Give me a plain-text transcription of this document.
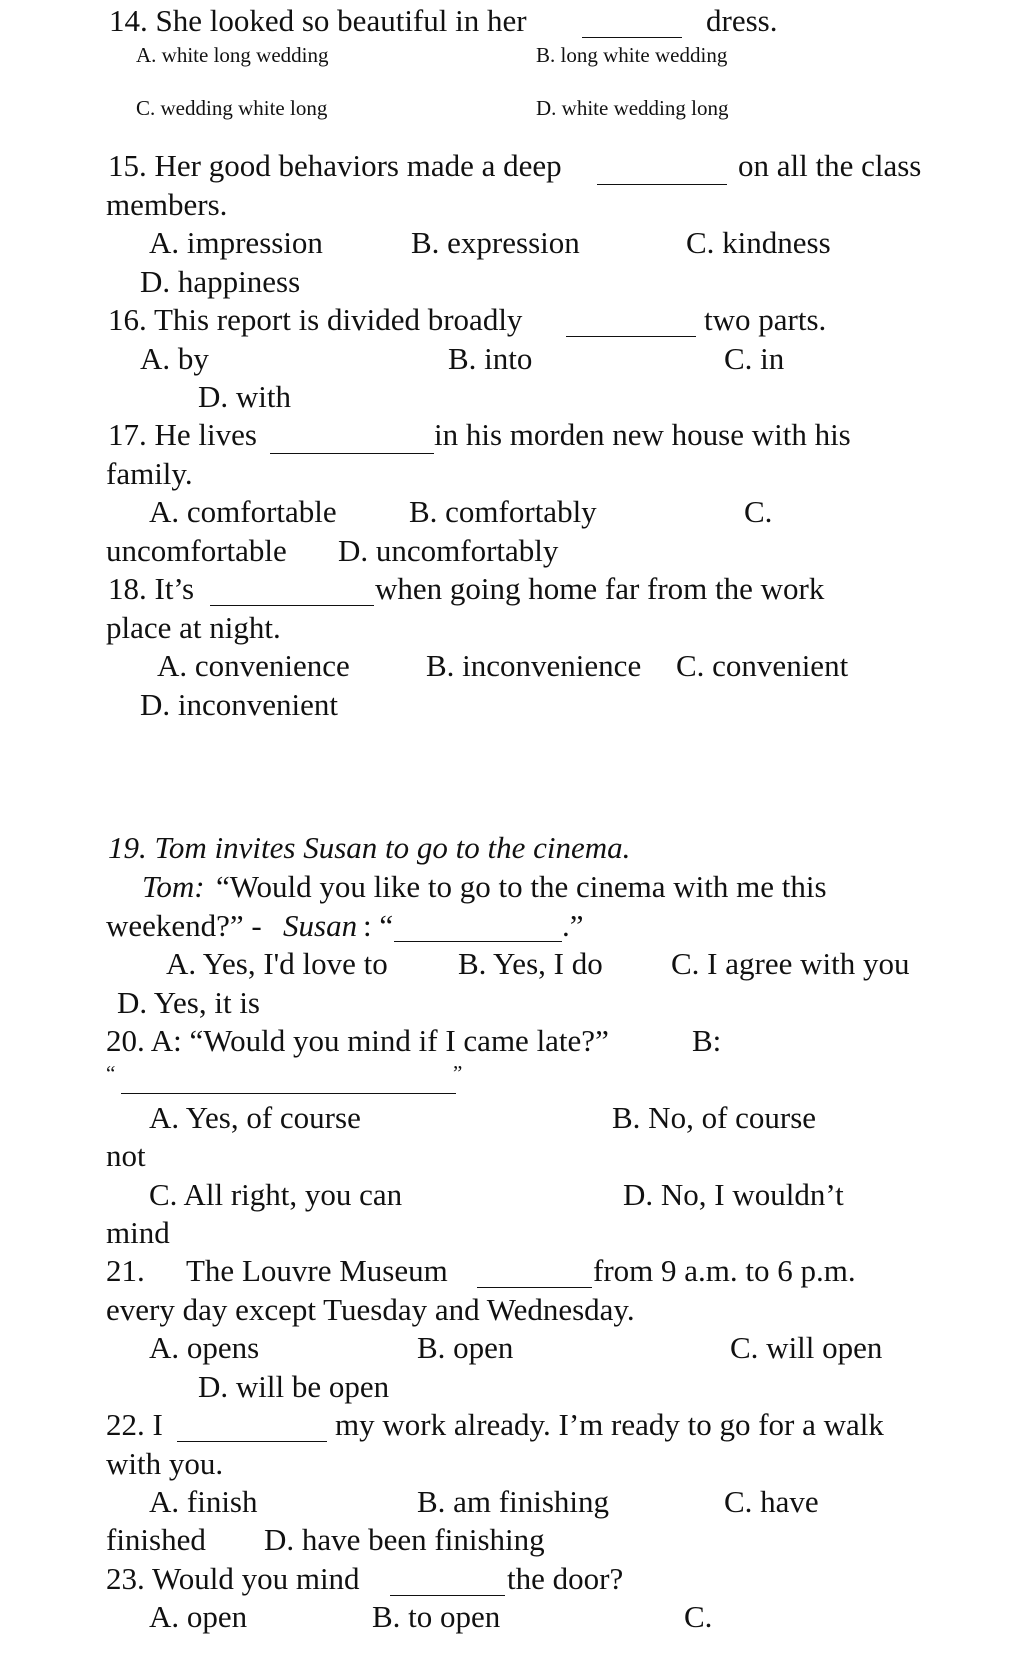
14. She looked so beautiful in her	dress.
A. white long wedding	B. long white wedding
C. wedding white long	D. white wedding long
15. Her good behaviors made a deep	on all the class
members.
A. impression	B. expression	C. kindness
D. happiness
16. This report is divided broadly	two parts.
A. by	B. into	C. in
D. with
17. He lives	in his morden new house with his
family.
A. comfortable B. comfortably	C.
uncomfortable D. uncomfortably
18. It’s	when going home far from the work
place at night.
A. convenience B. inconvenience C. convenient
D. inconvenient
19. Tom invites Susan to go to the cinema.
Tom: “Would you like to go to the cinema with me this
weekend?” - Susan : “	.”
A. Yes, I'd love to B. Yes, I do C. I agree with you
D. Yes, it is
20. A: “Would you mind if I came late?”	B:
“	”
A. Yes, of course	B. No, of course
not
C. All right, you can	D. No, I wouldn’t
mind
21. The Louvre Museum	from 9 a.m. to 6 p.m.
every day except Tuesday and Wednesday.
A. opens	B. open	C. will open
D. will be open
22. I	my work already. I’m ready to go for a walk
with you.
A. finish	B. am finishing	C. have
finished D. have been finishing
23. Would you mind	the door?
A. open	B. to open	C.
